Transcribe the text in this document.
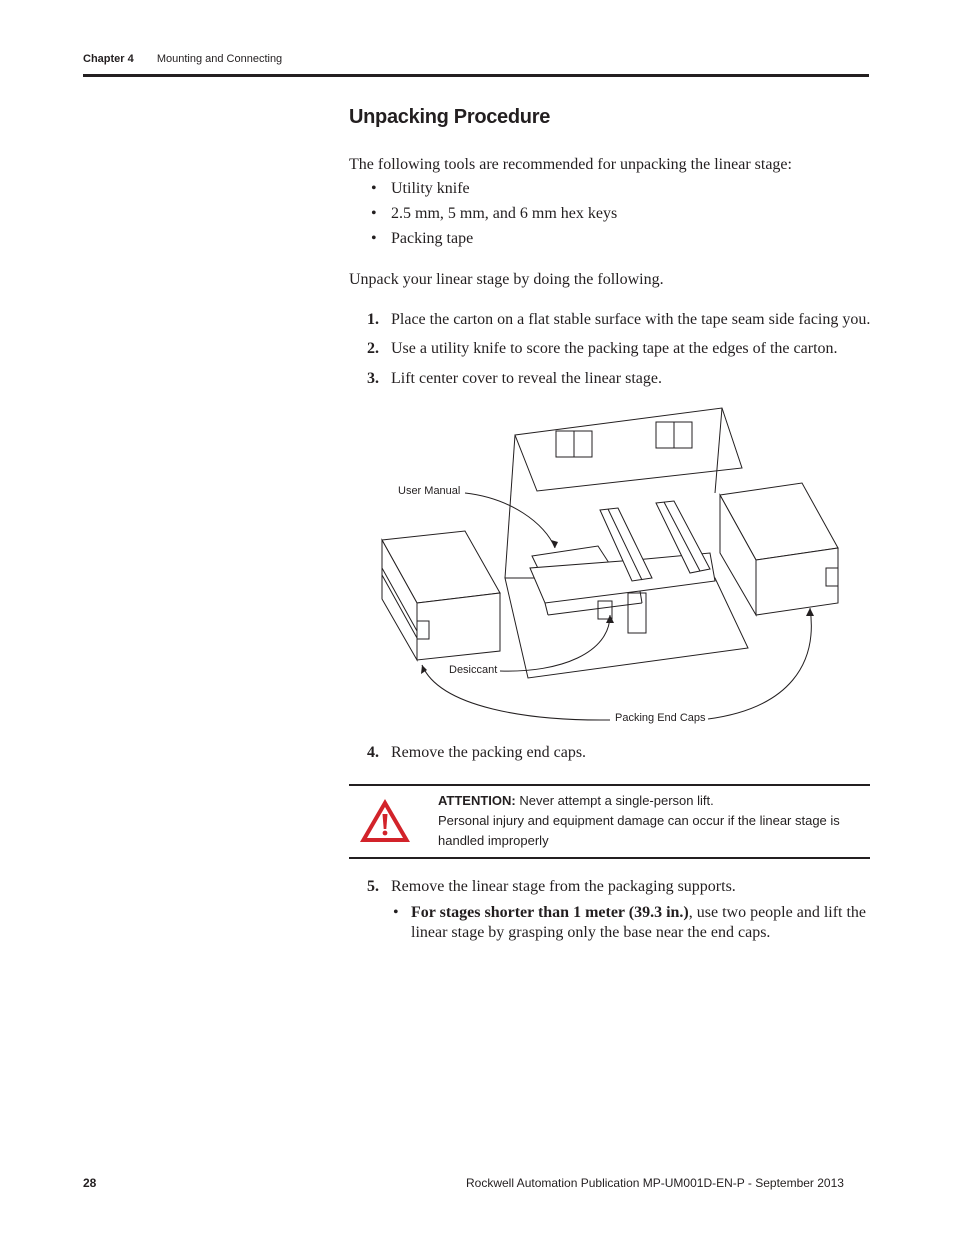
Chapter 4 Mounting and Connecting
Unpacking Procedure
The following tools are recommended for unpacking the linear stage:
• Utility knife
• 2.5 mm, 5 mm, and 6 mm hex keys
• Packing tape
Unpack your linear stage by doing the following.
1. Place the carton on a flat stable surface with the tape seam side facing you.
2. Use a utility knife to score the packing tape at the edges of the carton.
3. Lift center cover to reveal the linear stage.
User Manual
Desiccant
Packing End Caps
4. Remove the packing end caps.
ATTENTION: Never attempt a single-person lift.
Personal injury and equipment damage can occur if the linear stage is handled improperly
5. Remove the linear stage from the packaging supports.
• For stages shorter than 1 meter (39.3 in.), use two people and lift the linear stage by grasping only the base near the end caps.
28	Rockwell Automation Publication MP-UM001D-EN-P - September 2013
